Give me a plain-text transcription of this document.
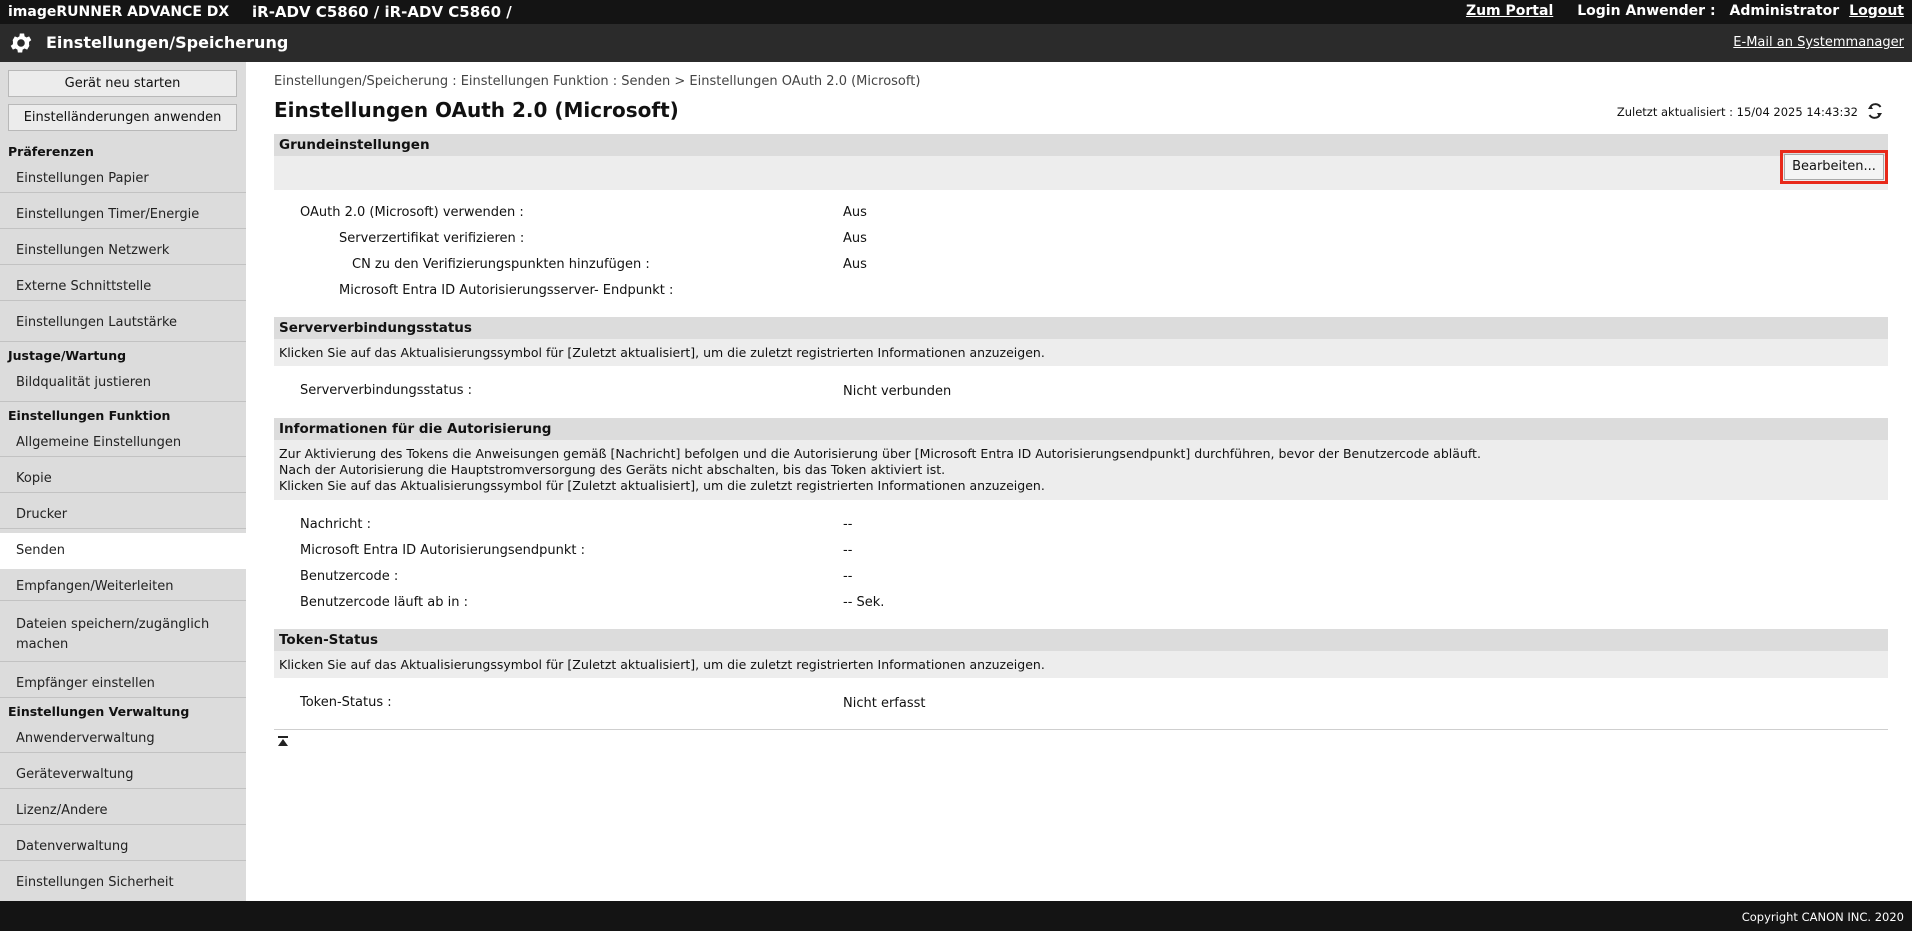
imageRUNNER ADVANCE DX iR-ADV C5860 / iR-ADV C5860 /	Zum Portal Login Anwender : Administrator Logout
Einstellungen/Speicherung	E-Mail an Systemmanager
Gerät neu starten
Einstelländerungen anwenden
Präferenzen
Einstellungen Papier
Einstellungen Timer/Energie
Einstellungen Netzwerk
Externe Schnittstelle
Einstellungen Lautstärke
Justage/Wartung
Bildqualität justieren
Einstellungen Funktion
Allgemeine Einstellungen
Kopie
Drucker
Senden
Empfangen/Weiterleiten
Dateien speichern/zugänglich machen
Empfänger einstellen
Einstellungen Verwaltung
Anwenderverwaltung
Geräteverwaltung
Lizenz/Andere
Datenverwaltung
Einstellungen Sicherheit
Einstellungen/Speicherung : Einstellungen Funktion : Senden > Einstellungen OAuth 2.0 (Microsoft)
Einstellungen OAuth 2.0 (Microsoft)	Zuletzt aktualisiert : 15/04 2025 14:43:32
Grundeinstellungen
Bearbeiten...
OAuth 2.0 (Microsoft) verwenden :	Aus
Serverzertifikat verifizieren :	Aus
CN zu den Verifizierungspunkten hinzufügen :	Aus
Microsoft Entra ID Autorisierungsserver- Endpunkt :
Serververbindungsstatus
Klicken Sie auf das Aktualisierungssymbol für [Zuletzt aktualisiert], um die zuletzt registrierten Informationen anzuzeigen.
Serververbindungsstatus :	Nicht verbunden
Informationen für die Autorisierung
Zur Aktivierung des Tokens die Anweisungen gemäß [Nachricht] befolgen und die Autorisierung über [Microsoft Entra ID Autorisierungsendpunkt] durchführen, bevor der Benutzercode abläuft.
Nach der Autorisierung die Hauptstromversorgung des Geräts nicht abschalten, bis das Token aktiviert ist.
Klicken Sie auf das Aktualisierungssymbol für [Zuletzt aktualisiert], um die zuletzt registrierten Informationen anzuzeigen.
Nachricht :	--
Microsoft Entra ID Autorisierungsendpunkt :	--
Benutzercode :	--
Benutzercode läuft ab in :	-- Sek.
Token-Status
Klicken Sie auf das Aktualisierungssymbol für [Zuletzt aktualisiert], um die zuletzt registrierten Informationen anzuzeigen.
Token-Status :	Nicht erfasst
Copyright CANON INC. 2020
